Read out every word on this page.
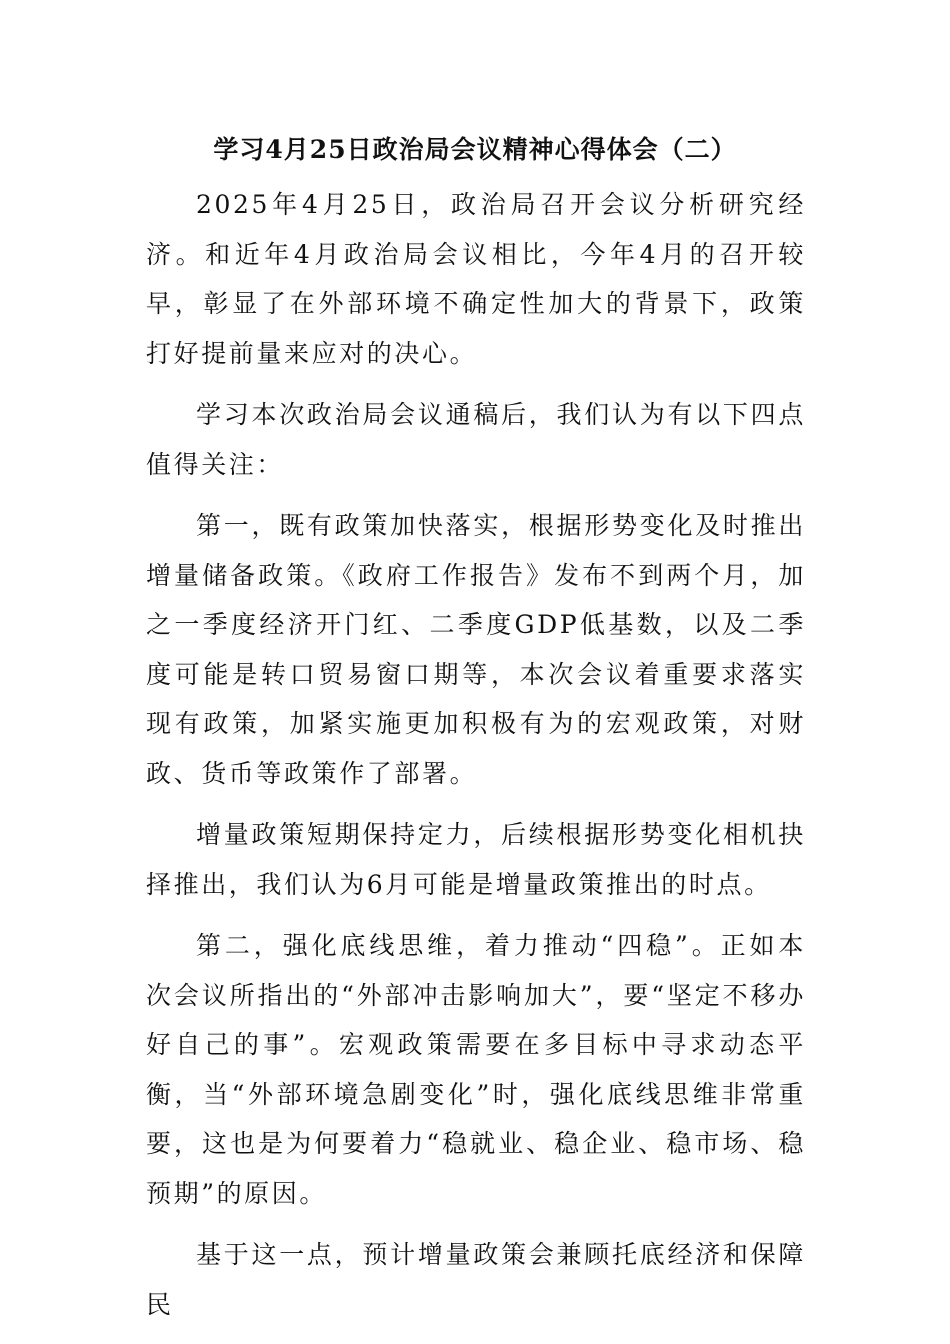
学习4月25日政治局会议精神心得体会（二）

2025年4月25日，政治局召开会议分析研究经济。和近年4月政治局会议相比，今年4月的召开较早，彰显了在外部环境不确定性加大的背景下，政策打好提前量来应对的决心。

学习本次政治局会议通稿后，我们认为有以下四点值得关注：

第一，既有政策加快落实，根据形势变化及时推出增量储备政策。《政府工作报告》发布不到两个月，加之一季度经济开门红、二季度GDP低基数，以及二季度可能是转口贸易窗口期等，本次会议着重要求落实现有政策，加紧实施更加积极有为的宏观政策，对财政、货币等政策作了部署。

增量政策短期保持定力，后续根据形势变化相机抉择推出，我们认为6月可能是增量政策推出的时点。

第二，强化底线思维，着力推动“四稳”。正如本次会议所指出的“外部冲击影响加大”，要“坚定不移办好自己的事”。宏观政策需要在多目标中寻求动态平衡，当“外部环境急剧变化”时，强化底线思维非常重要，这也是为何要着力“稳就业、稳企业、稳市场、稳预期”的原因。

基于这一点，预计增量政策会兼顾托底经济和保障民
